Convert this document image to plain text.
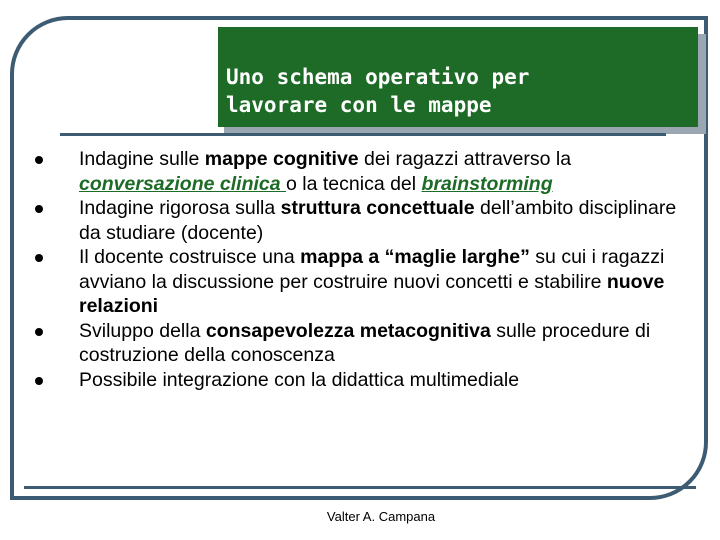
Uno schema operativo per
lavorare con le mappe
Indagine sulle mappe cognitive dei ragazzi attraverso la conversazione clinica o la tecnica del brainstorming
Indagine rigorosa sulla struttura concettuale dell’ambito disciplinare da studiare (docente)
Il docente costruisce una mappa a “maglie larghe” su cui i ragazzi avviano la discussione per costruire nuovi concetti e stabilire nuove relazioni
Sviluppo della consapevolezza metacognitiva sulle procedure di costruzione della conoscenza
Possibile integrazione con la didattica multimediale
Valter A. Campana
